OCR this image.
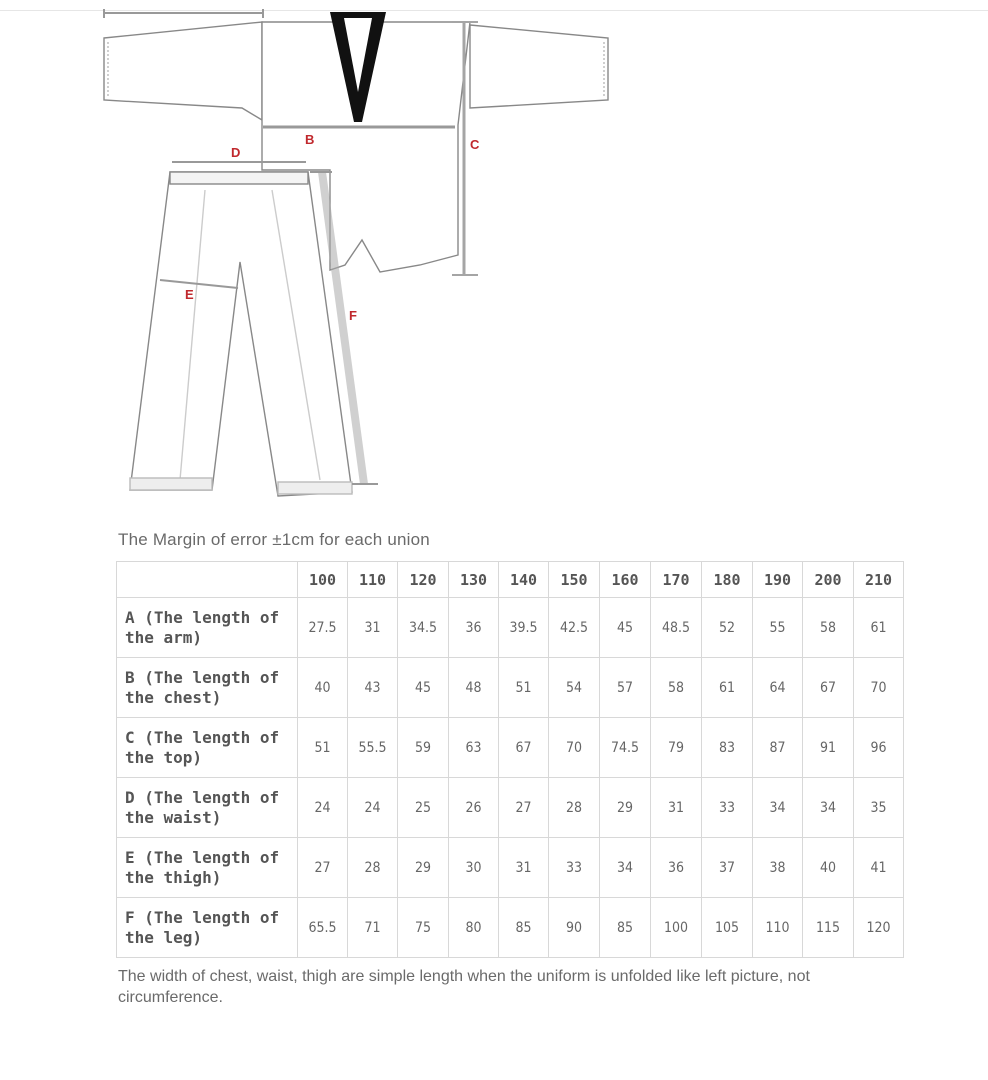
D
B	C
E
F
The Margin of error ±1cm for each union
	100	110	120	130	140	150	160	170	180	190	200	210
A (The length of the arm)	27.5	31	34.5	36	39.5	42.5	45	48.5	52	55	58	61
B (The length of the chest)	40	43	45	48	51	54	57	58	61	64	67	70
C (The length of the top)	51	55.5	59	63	67	70	74.5	79	83	87	91	96
D (The length of the waist)	24	24	25	26	27	28	29	31	33	34	34	35
E (The length of the thigh)	27	28	29	30	31	33	34	36	37	38	40	41
F (The length of the leg)	65.5	71	75	80	85	90	85	100	105	110	115	120
The width of chest, waist, thigh are simple length when the uniform is unfolded like left picture, not circumference.
